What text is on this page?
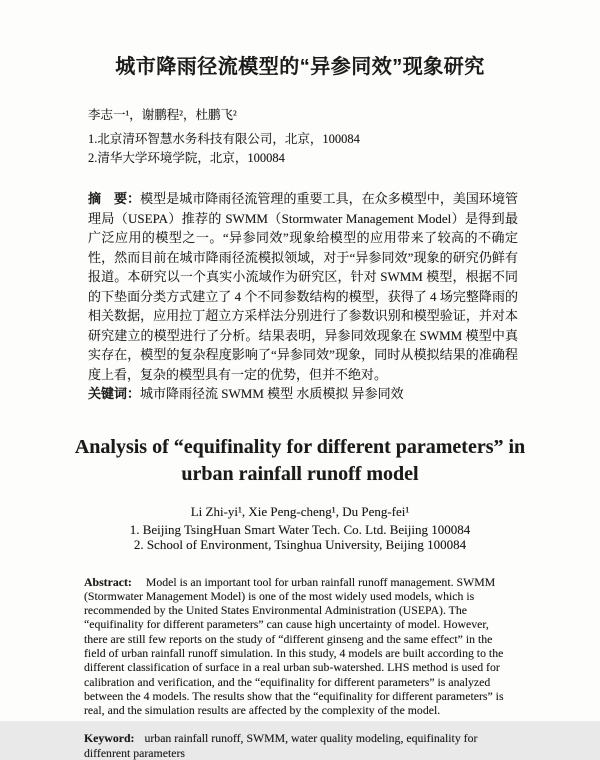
城市降雨径流模型的“异参同效”现象研究

李志一¹，谢鹏程²，杜鹏飞²

1.北京清环智慧水务科技有限公司，北京，100084
2.清华大学环境学院，北京，100084

摘　要：模型是城市降雨径流管理的重要工具，在众多模型中，美国环境管理局（USEPA）推荐的 SWMM（Stormwater Management Model）是得到最广泛应用的模型之一。“异参同效”现象给模型的应用带来了较高的不确定性，然而目前在城市降雨径流模拟领域，对于“异参同效”现象的研究仍鲜有报道。本研究以一个真实小流域作为研究区，针对 SWMM 模型，根据不同的下垫面分类方式建立了 4 个不同参数结构的模型，获得了 4 场完整降雨的相关数据，应用拉丁超立方采样法分别进行了参数识别和模型验证，并对本研究建立的模型进行了分析。结果表明，异参同效现象在 SWMM 模型中真实存在，模型的复杂程度影响了“异参同效”现象，同时从模拟结果的准确程度上看，复杂的模型具有一定的优势，但并不绝对。

关键词：城市降雨径流 SWMM 模型 水质模拟 异参同效

Analysis of “equifinality for different parameters” in urban rainfall runoff model

Li Zhi-yi¹, Xie Peng-cheng¹, Du Peng-fei¹

1. Beijing TsingHuan Smart Water Tech. Co. Ltd. Beijing 100084
2. School of Environment, Tsinghua University, Beijing 100084

Abstract: Model is an important tool for urban rainfall runoff management. SWMM (Stormwater Management Model) is one of the most widely used models, which is recommended by the United States Environmental Administration (USEPA). The “equifinality for different parameters” can cause high uncertainty of model. However, there are still few reports on the study of “different ginseng and the same effect” in the field of urban rainfall runoff simulation. In this study, 4 models are built according to the different classification of surface in a real urban sub-watershed. LHS method is used for calibration and verification, and the “equifinality for different parameters” is analyzed between the 4 models. The results show that the “equifinality for different parameters” is real, and the simulation results are affected by the complexity of the model.

Keyword: urban rainfall runoff, SWMM, water quality modeling, equifinality for diffenrent parameters
